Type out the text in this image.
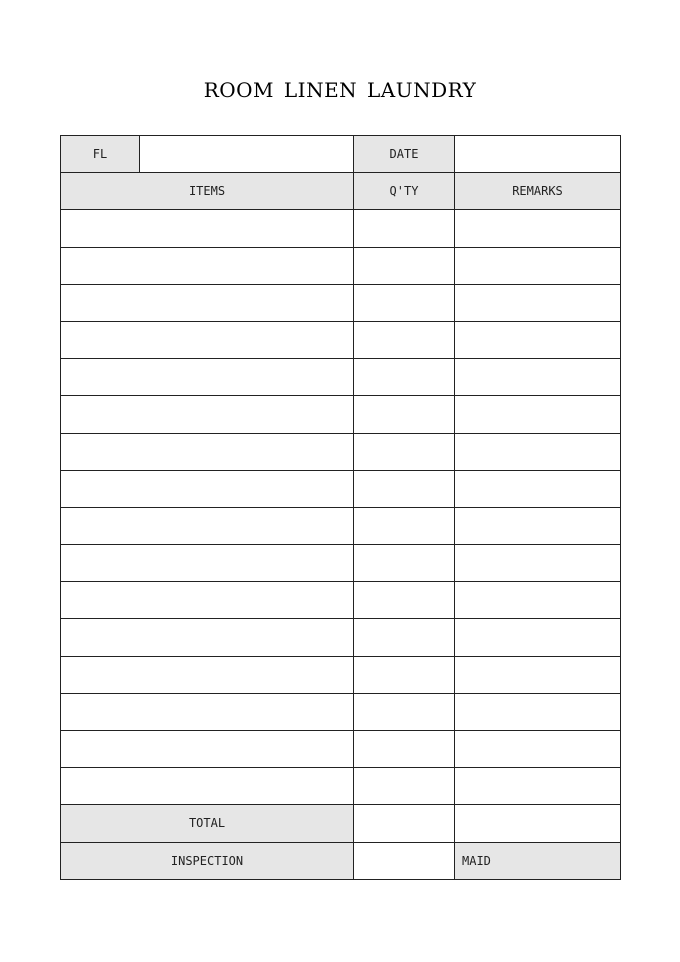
ROOM LINEN LAUNDRY
FL		DATE	
ITEMS		Q'TY	REMARKS

TOTAL			
INSPECTION			MAID
